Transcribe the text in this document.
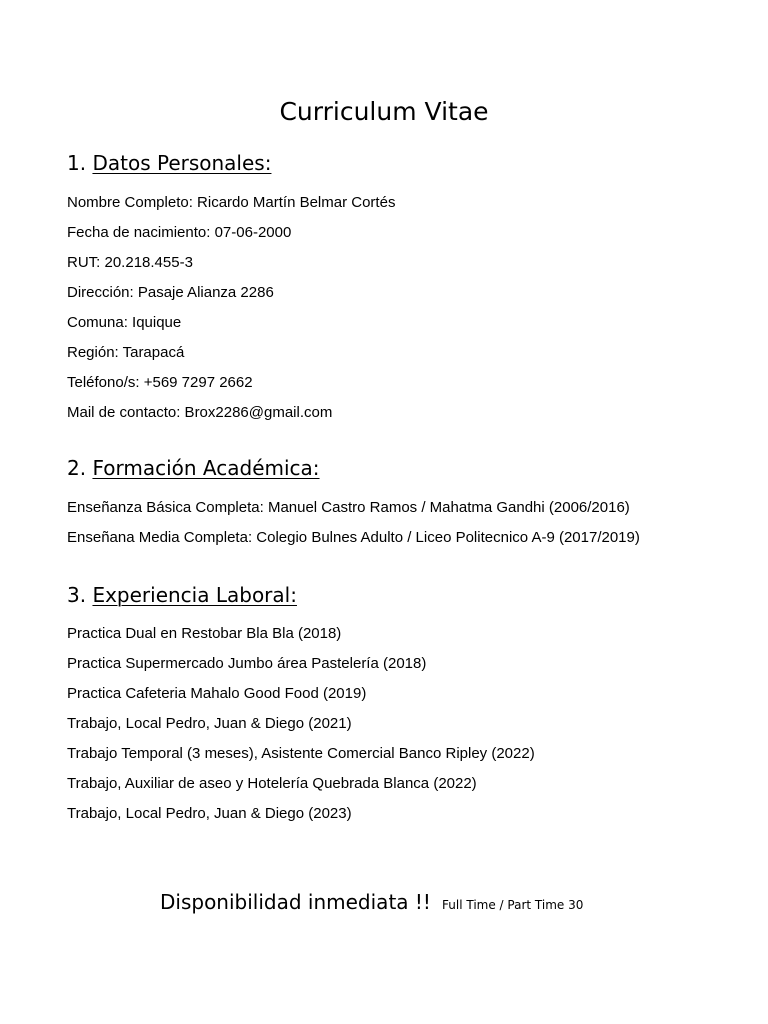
Curriculum Vitae
1. Datos Personales:
Nombre Completo: Ricardo Martín Belmar Cortés
Fecha de nacimiento: 07-06-2000
RUT: 20.218.455-3
Dirección: Pasaje Alianza 2286
Comuna: Iquique
Región: Tarapacá
Teléfono/s: +569 7297 2662
Mail de contacto: Brox2286@gmail.com
2. Formación Académica:
Enseñanza Básica Completa: Manuel Castro Ramos / Mahatma Gandhi (2006/2016)
Enseñana Media Completa: Colegio Bulnes Adulto / Liceo Politecnico A-9 (2017/2019)
3. Experiencia Laboral:
Practica Dual en Restobar Bla Bla (2018)
Practica Supermercado Jumbo área Pastelería (2018)
Practica Cafeteria Mahalo Good Food (2019)
Trabajo, Local Pedro, Juan & Diego (2021)
Trabajo Temporal (3 meses), Asistente Comercial Banco Ripley (2022)
Trabajo, Auxiliar de aseo y Hotelería Quebrada Blanca (2022)
Trabajo, Local Pedro, Juan & Diego (2023)
Disponibilidad inmediata !! Full Time / Part Time 30
